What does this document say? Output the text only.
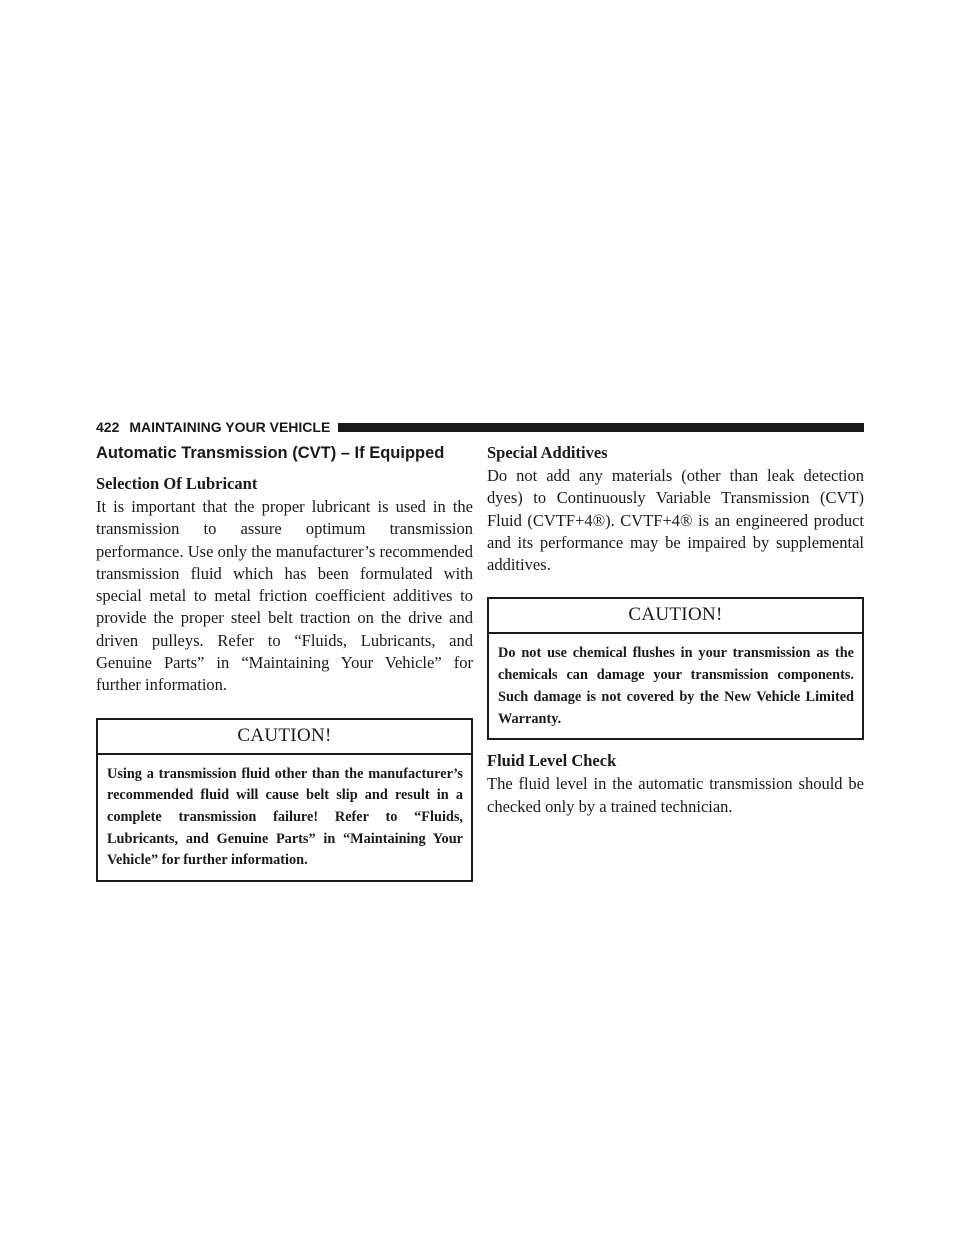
422 MAINTAINING YOUR VEHICLE
Automatic Transmission (CVT) – If Equipped
Selection Of Lubricant

It is important that the proper lubricant is used in the transmission to assure optimum transmission performance. Use only the manufacturer’s recommended transmission fluid which has been formulated with special metal to metal friction coefficient additives to provide the proper steel belt traction on the drive and driven pulleys. Refer to “Fluids, Lubricants, and Genuine Parts” in “Maintaining Your Vehicle” for further information.

CAUTION!
Using a transmission fluid other than the manufacturer’s recommended fluid will cause belt slip and result in a complete transmission failure! Refer to “Fluids, Lubricants, and Genuine Parts” in “Maintaining Your Vehicle” for further information.
Special Additives

Do not add any materials (other than leak detection dyes) to Continuously Variable Transmission (CVT) Fluid (CVTF+4®). CVTF+4® is an engineered product and its performance may be impaired by supplemental additives.

CAUTION!
Do not use chemical flushes in your transmission as the chemicals can damage your transmission components. Such damage is not covered by the New Vehicle Limited Warranty.
Fluid Level Check

The fluid level in the automatic transmission should be checked only by a trained technician.
